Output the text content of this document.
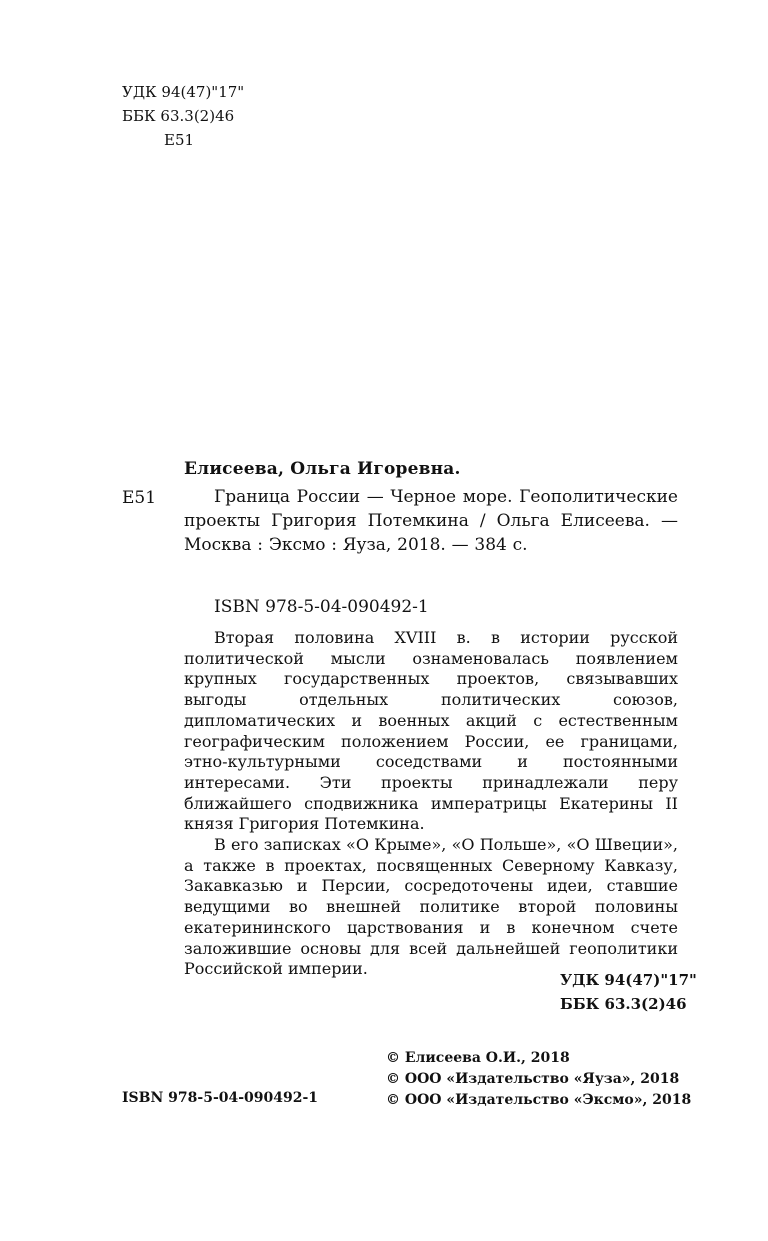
УДК 94(47)"17"
ББК 63.3(2)46
Е51
Елисеева, Ольга Игоревна.
Е51	Граница России — Черное море. Геополитические проекты Григория Потемкина / Ольга Елисеева. — Москва : Эксмо : Яуза, 2018. — 384 с.
ISBN 978-5-04-090492-1

Вторая половина XVIII в. в истории русской политической мысли ознаменовалась появлением крупных государственных проектов, связывавших выгоды отдельных политических союзов, дипломатических и военных акций с естественным географическим положением России, ее границами, этно-культурными соседствами и постоянными интересами. Эти проекты принадлежали перу ближайшего сподвижника императрицы Екатерины II князя Григория Потемкина.

В его записках «О Крыме», «О Польше», «О Швеции», а также в проектах, посвященных Северному Кавказу, Закавказью и Персии, сосредоточены идеи, ставшие ведущими во внешней политике второй половины екатерининского царствования и в конечном счете заложившие основы для всей дальнейшей геополитики Российской империи.

УДК 94(47)"17"
ББК 63.3(2)46
© Елисеева О.И., 2018
© ООО «Издательство «Яуза», 2018
© ООО «Издательство «Эксмо», 2018
ISBN 978-5-04-090492-1
